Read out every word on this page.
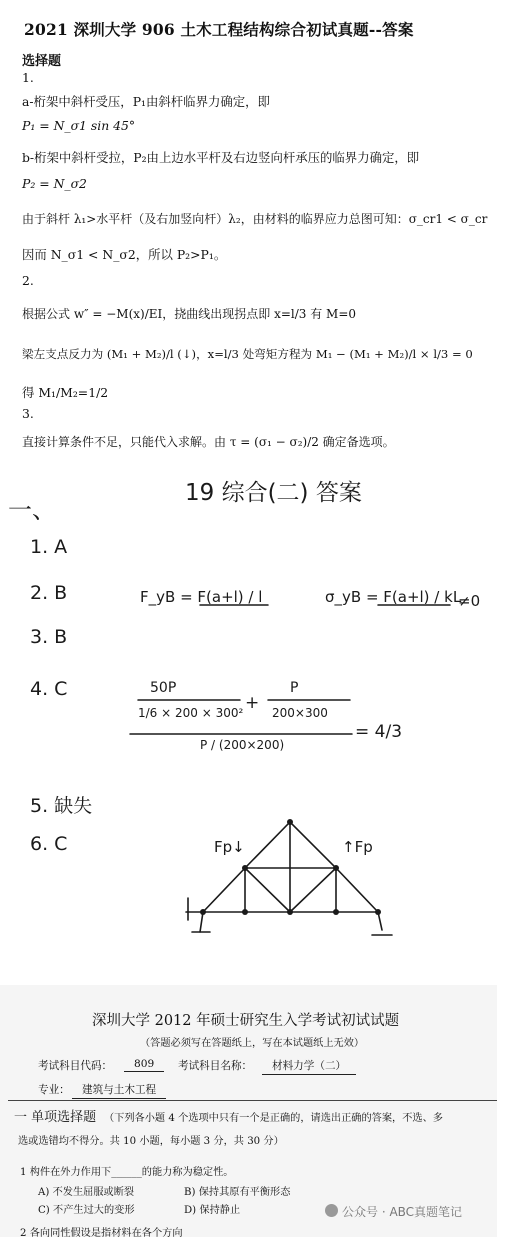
2021 深圳大学 906 土木工程结构综合初试真题--答案
选择题
1.
a-桁架中斜杆受压，P₁由斜杆临界力确定，即
P₁ = N_σ1 sin 45°
b-桁架中斜杆受拉，P₂由上边水平杆及右边竖向杆承压的临界力确定，即
P₂ = N_σ2
由于斜杆 λ₁>水平杆（及右加竖向杆）λ₂，由材料的临界应力总图可知：σ_cr1 < σ_cr
因而 N_σ1 < N_σ2，所以 P₂>P₁。
2.
根据公式 w″ = −M(x)/EI，挠曲线出现拐点即 x=l/3 有 M=0
梁左支点反力为 (M₁ + M₂)/l (↓)，x=l/3 处弯矩方程为 M₁ − (M₁ + M₂)/l × l/3 = 0
得 M₁/M₂=1/2
3.
直接计算条件不足，只能代入求解。由 τ = (σ₁ − σ₂)/2 确定备选项。
19 综合(二) 答案
一、
1. A
2. B
3. B
4. C
5. 缺失
6. C
F_yB = F(a+l) / l	σ_yB = F(a+l) / kL
≠0
50P
1/6 × 200 × 300² +
P
200×300
P / (200×200)
= 4/3
Fp↓	↑Fp
深圳大学 2012 年硕士研究生入学考试初试试题
（答题必须写在答题纸上，写在本试题纸上无效）
考试科目代码：	809	考试科目名称：	材料力学（二）
专业：	建筑与土木工程
一 单项选择题 （下列各小题 4 个选项中只有一个是正确的，请选出正确的答案，不选、多
选或选错均不得分。共 10 小题，每小题 3 分，共 30 分）
1 构件在外力作用下______的能力称为稳定性。
A) 不发生屈服或断裂	B) 保持其原有平衡形态
C) 不产生过大的变形	D) 保持静止
2 各向同性假设是指材料在各个方向
公众号 · ABC真题笔记
